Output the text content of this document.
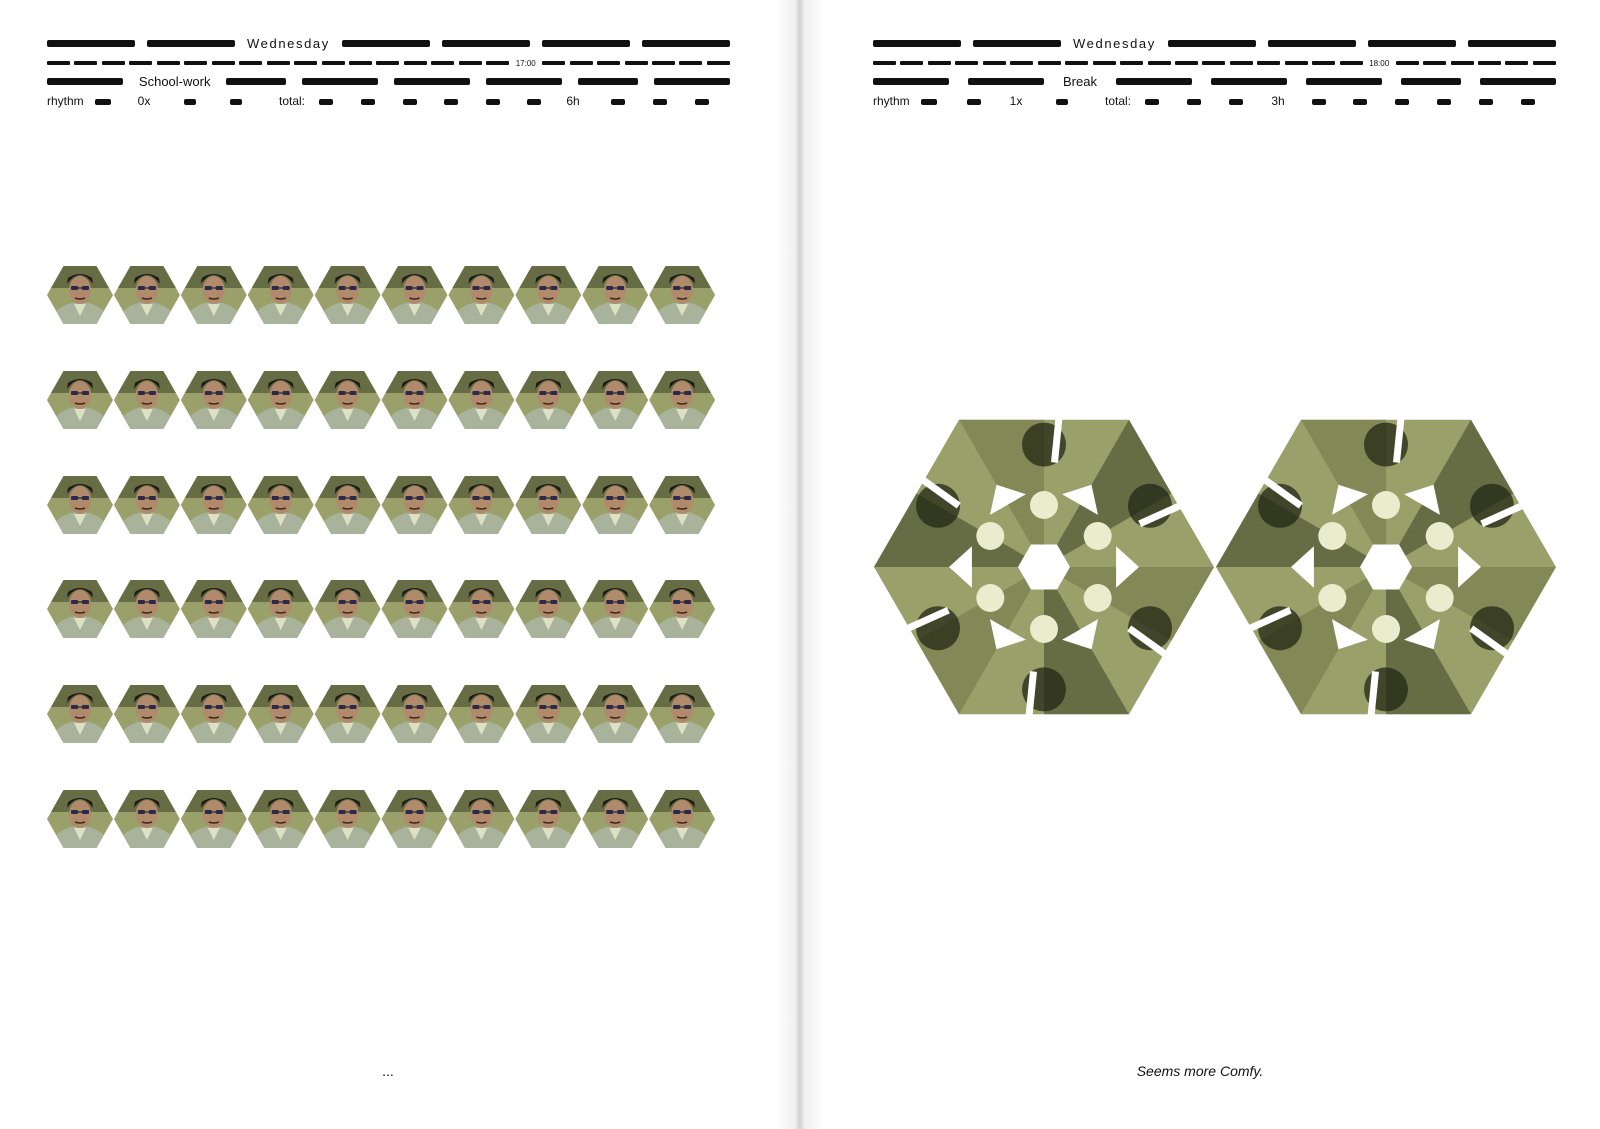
Wednesday
17:00
School-work
rhythm	0x	total:	6h
...
Wednesday
18:00
Break
rhythm	1x	total:	3h
Seems more Comfy.
